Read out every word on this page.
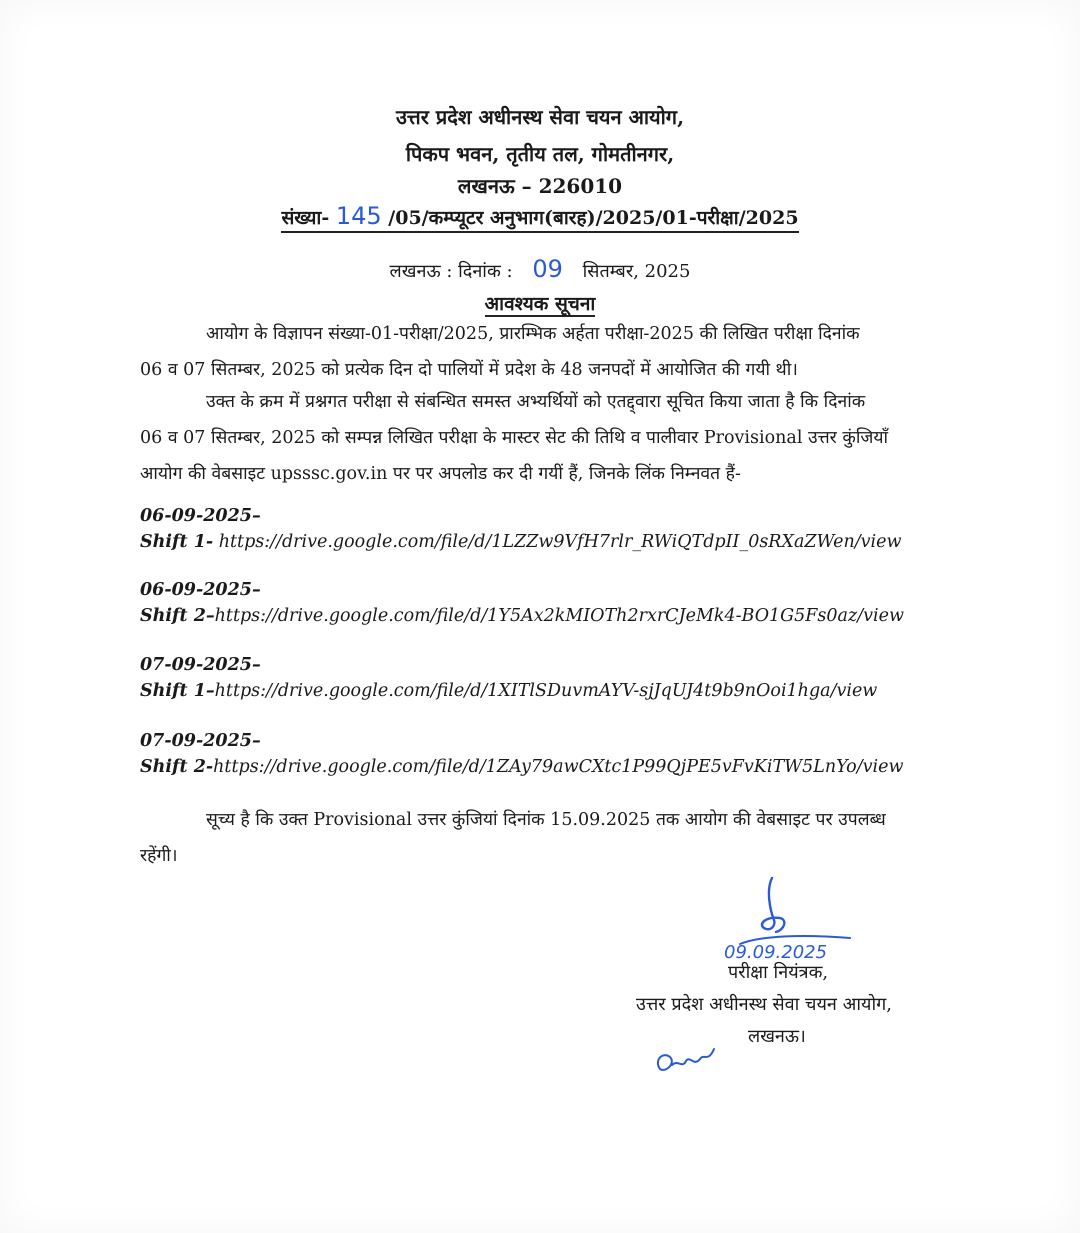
उत्तर प्रदेश अधीनस्थ सेवा चयन आयोग,
पिकप भवन, तृतीय तल, गोमतीनगर,
लखनऊ – 226010
संख्या- 145 /05/कम्प्यूटर अनुभाग(बारह)/2025/01-परीक्षा/2025
लखनऊ : दिनांक : 09 सितम्बर, 2025
आवश्यक सूचना
आयोग के विज्ञापन संख्या-01-परीक्षा/2025, प्रारम्भिक अर्हता परीक्षा-2025 की लिखित परीक्षा दिनांक
06 व 07 सितम्बर, 2025 को प्रत्येक दिन दो पालियों में प्रदेश के 48 जनपदों में आयोजित की गयी थी।
उक्त के क्रम में प्रश्नगत परीक्षा से संबन्धित समस्त अभ्यर्थियों को एतद्द्वारा सूचित किया जाता है कि दिनांक
06 व 07 सितम्बर, 2025 को सम्पन्न लिखित परीक्षा के मास्टर सेट की तिथि व पालीवार Provisional उत्तर कुंजियाँ
आयोग की वेबसाइट upsssc.gov.in पर पर अपलोड कर दी गयीं हैं, जिनके लिंक निम्नवत हैं-
06-09-2025–
Shift 1- https://drive.google.com/file/d/1LZZw9VfH7rlr_RWiQTdpII_0sRXaZWen/view
06-09-2025–
Shift 2–https://drive.google.com/file/d/1Y5Ax2kMIOTh2rxrCJeMk4-BO1G5Fs0az/view
07-09-2025–
Shift 1–https://drive.google.com/file/d/1XITlSDuvmAYV-sjJqUJ4t9b9nOoi1hga/view
07-09-2025–
Shift 2-https://drive.google.com/file/d/1ZAy79awCXtc1P99QjPE5vFvKiTW5LnYo/view
सूच्य है कि उक्त Provisional उत्तर कुंजियां दिनांक 15.09.2025 तक आयोग की वेबसाइट पर उपलब्ध
रहेंगी।
09.09.2025
परीक्षा नियंत्रक,
उत्तर प्रदेश अधीनस्थ सेवा चयन आयोग,
लखनऊ।
